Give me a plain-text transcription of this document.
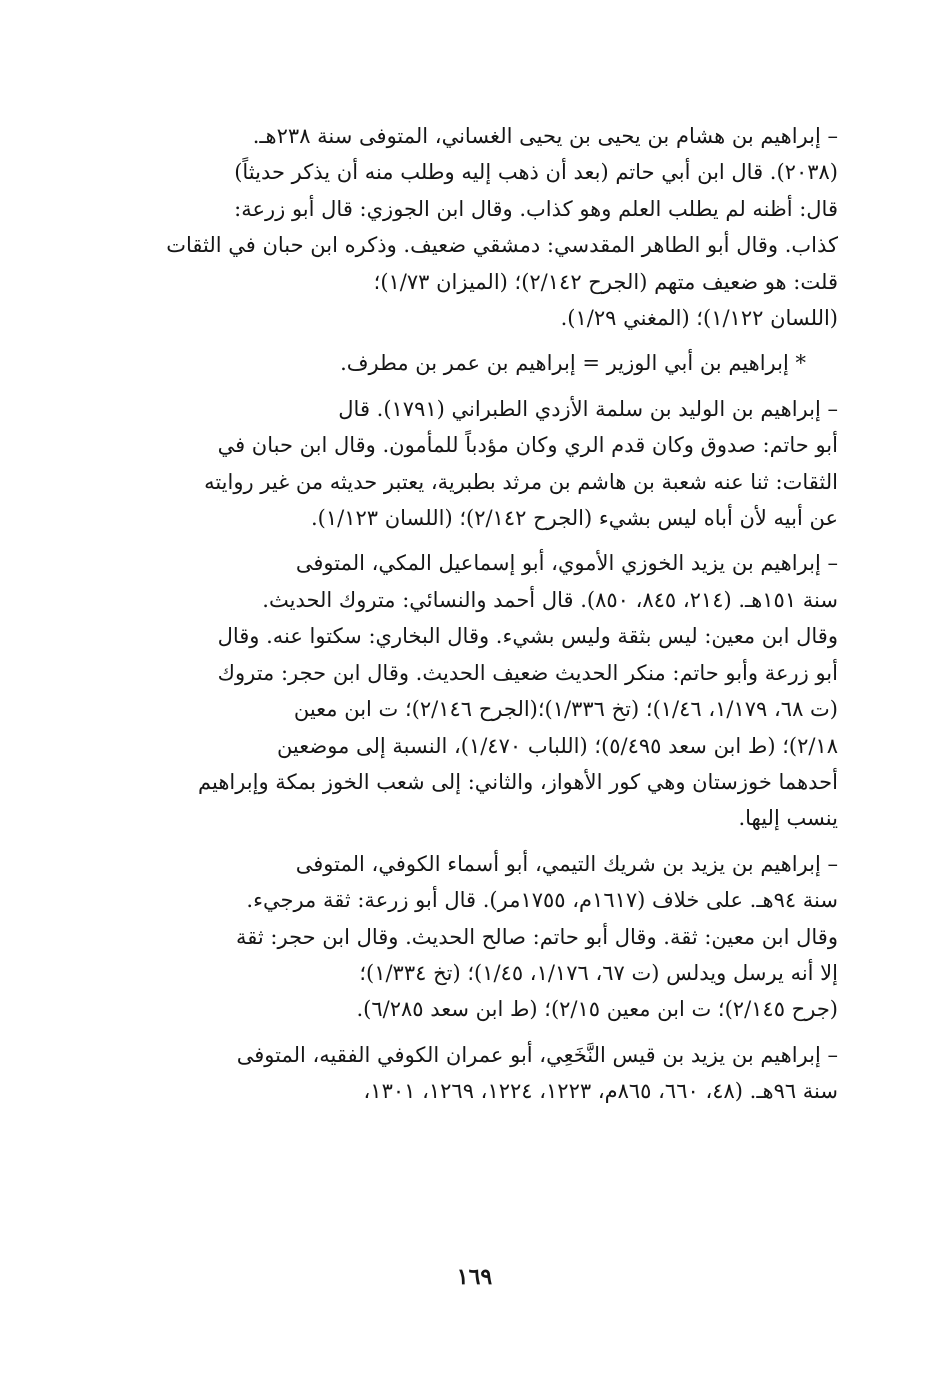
– إبراهيم بن هشام بن يحيى بن يحيى الغساني، المتوفى سنة ٢٣٨هـ.
(٢٠٣٨). قال ابن أبي حاتم (بعد أن ذهب إليه وطلب منه أن يذكر حديثاً)
قال: أظنه لم يطلب العلم وهو كذاب. وقال ابن الجوزي: قال أبو زرعة:
كذاب. وقال أبو الطاهر المقدسي: دمشقي ضعيف. وذكره ابن حبان في الثقات
قلت: هو ضعيف متهم (الجرح ٢/١٤٢)؛ (الميزان ١/٧٣)؛
(اللسان ١/١٢٢)؛ (المغني ١/٢٩).
* إبراهيم بن أبي الوزير = إبراهيم بن عمر بن مطرف.
– إبراهيم بن الوليد بن سلمة الأزدي الطبراني (١٧٩١). قال
أبو حاتم: صدوق وكان قدم الري وكان مؤدباً للمأمون. وقال ابن حبان في
الثقات: ثنا عنه شعبة بن هاشم بن مرثد بطبرية، يعتبر حديثه من غير روايته
عن أبيه لأن أباه ليس بشيء (الجرح ٢/١٤٢)؛ (اللسان ١/١٢٣).
– إبراهيم بن يزيد الخوزي الأموي، أبو إسماعيل المكي، المتوفى
سنة ١٥١هـ. (٢١٤، ٨٤٥، ٨٥٠). قال أحمد والنسائي: متروك الحديث.
وقال ابن معين: ليس بثقة وليس بشيء. وقال البخاري: سكتوا عنه. وقال
أبو زرعة وأبو حاتم: منكر الحديث ضعيف الحديث. وقال ابن حجر: متروك
(ت ٦٨، ١/١٧٩، ١/٤٦)؛ (تخ ١/٣٣٦)؛(الجرح ٢/١٤٦)؛ ت ابن معين
٢/١٨)؛ (ط ابن سعد ٥/٤٩٥)؛ (اللباب ١/٤٧٠)، النسبة إلى موضعين
أحدهما خوزستان وهي كور الأهواز، والثاني: إلى شعب الخوز بمكة وإبراهيم
ينسب إليها.
– إبراهيم بن يزيد بن شريك التيمي، أبو أسماء الكوفي، المتوفى
سنة ٩٤هـ. على خلاف (١٦١٧م، ١٧٥٥مر). قال أبو زرعة: ثقة مرجيء.
وقال ابن معين: ثقة. وقال أبو حاتم: صالح الحديث. وقال ابن حجر: ثقة
إلا أنه يرسل ويدلس (ت ٦٧، ١/١٧٦، ١/٤٥)؛ (تخ ١/٣٣٤)؛
(جرح ٢/١٤٥)؛ ت ابن معين ٢/١٥)؛ (ط ابن سعد ٦/٢٨٥).
– إبراهيم بن يزيد بن قيس النَّخَعِي، أبو عمران الكوفي الفقيه، المتوفى
سنة ٩٦هـ. (٤٨، ٦٦٠، ٨٦٥م، ١٢٢٣، ١٢٢٤، ١٢٦٩، ١٣٠١،
١٦٩
